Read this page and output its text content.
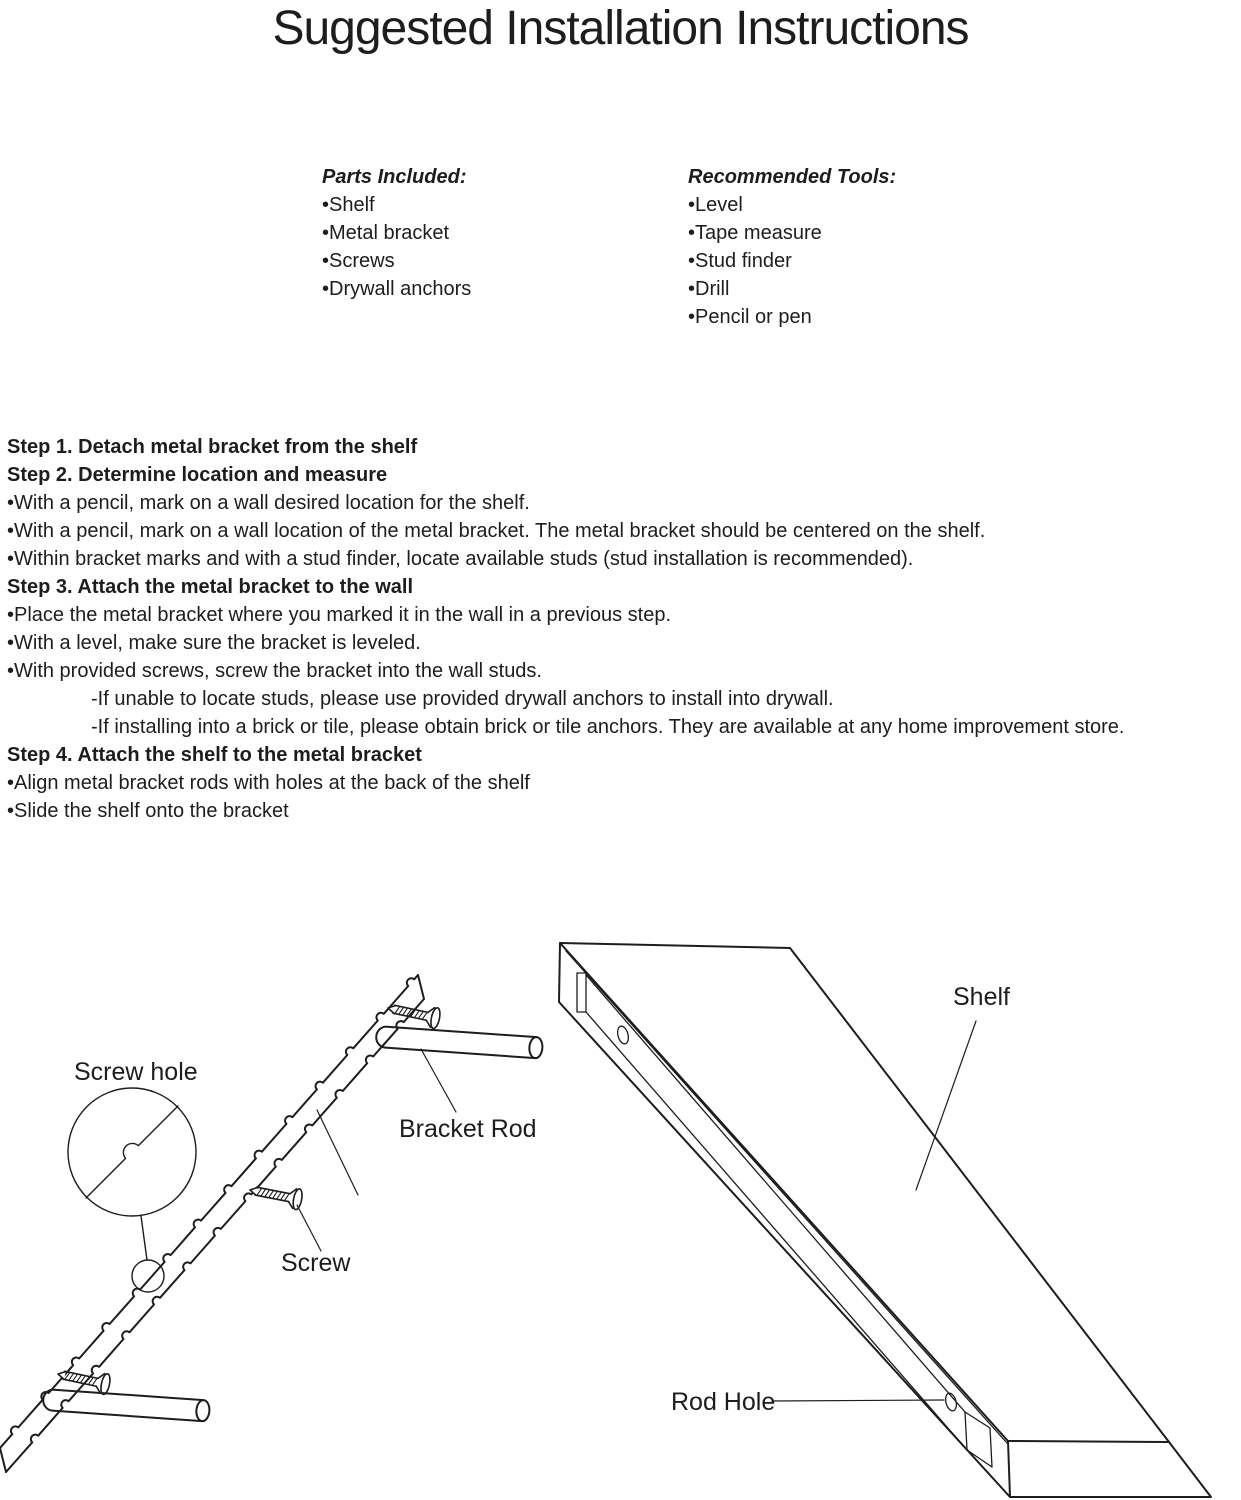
Suggested Installation Instructions
Parts Included:
•Shelf
•Metal bracket
•Screws
•Drywall anchors
Recommended Tools:
•Level
•Tape measure
•Stud finder
•Drill
•Pencil or pen
Step 1. Detach metal bracket from the shelf
Step 2. Determine location and measure
•With a pencil, mark on a wall desired location for the shelf.
•With a pencil, mark on a wall location of the metal bracket. The metal bracket should be centered on the shelf.
•Within bracket marks and with a stud finder, locate available studs (stud installation is recommended).
Step 3. Attach the metal bracket to the wall
•Place the metal bracket where you marked it in the wall in a previous step.
•With a level, make sure the bracket is leveled.
•With provided screws, screw the bracket into the wall studs.
-If unable to locate studs, please use provided drywall anchors to install into drywall.
-If installing into a brick or tile, please obtain brick or tile anchors. They are available at any home improvement store.
Step 4. Attach the shelf to the metal bracket
•Align metal bracket rods with holes at the back of the shelf
•Slide the shelf onto the bracket
Screw hole
Bracket Rod
Screw
Shelf
Rod Hole
